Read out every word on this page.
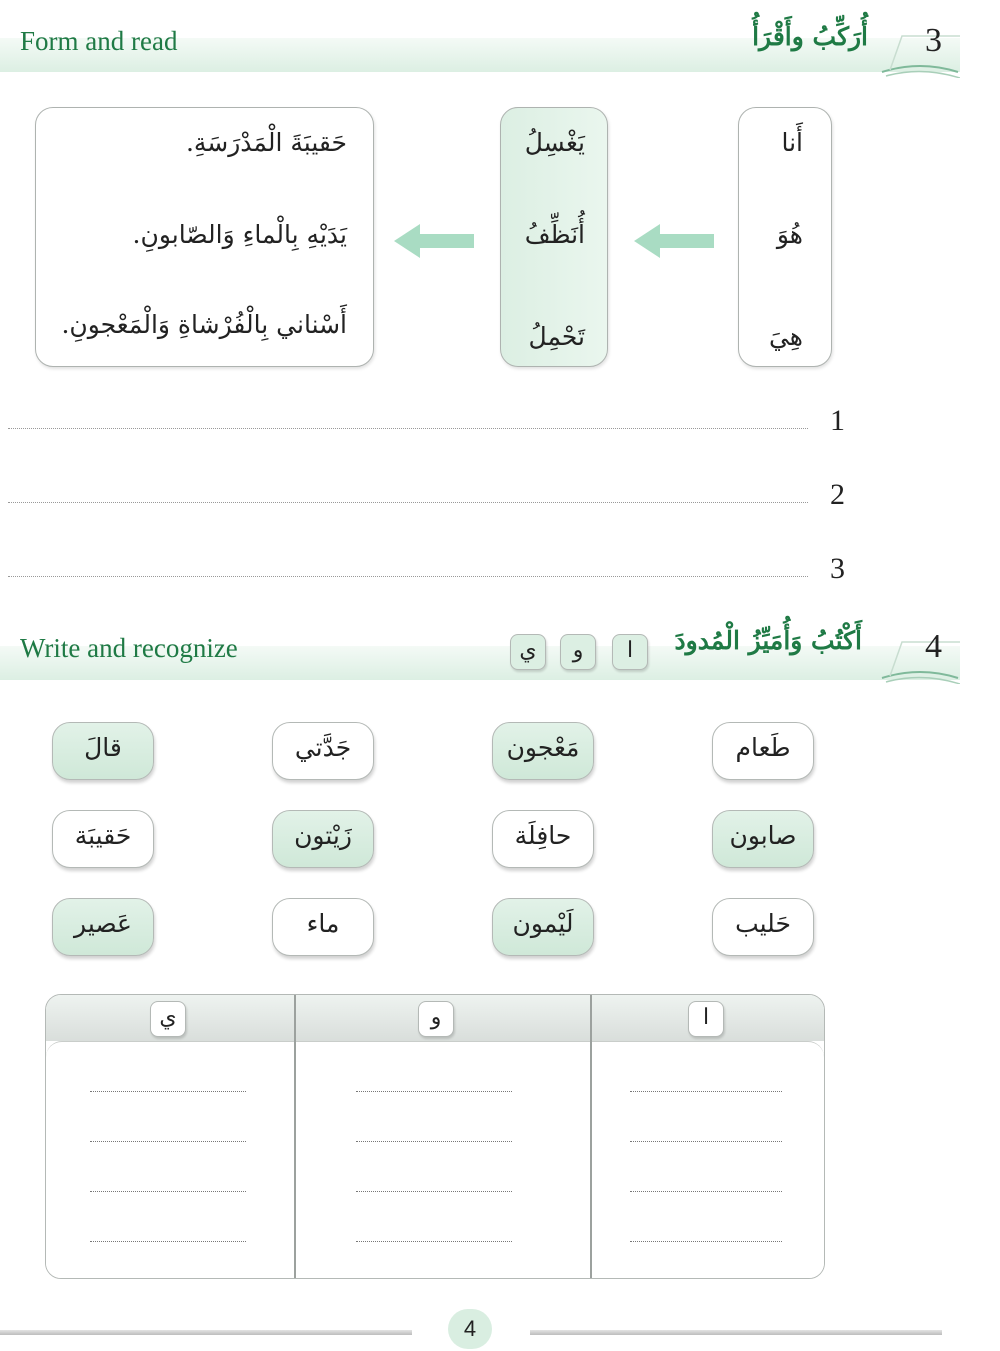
Form and read	أُرَكِّبُ وأَقْرَأُ 3
أَنا
هُوَ
هِيَ
يَغْسِلُ
أُنَظِّفُ
تَحْمِلُ
حَقيبَةَ الْمَدْرَسَةِ.
يَدَيْهِ بِالْماءِ وَالصّابونِ.
أَسْناني بِالْفُرْشاةِ وَالْمَعْجونِ.
1
2
3
Write and recognize	أَكْتُبُ وَأُمَيِّزُ الْمُدودَ
ا
و
ي	4
طَعام
مَعْجون
جَدَّتي
قالَ
صابون
حافِلَة
زَيْتون
حَقيبَة
حَليب
لَيْمون
ماء
عَصير
ا
و
ي
4
